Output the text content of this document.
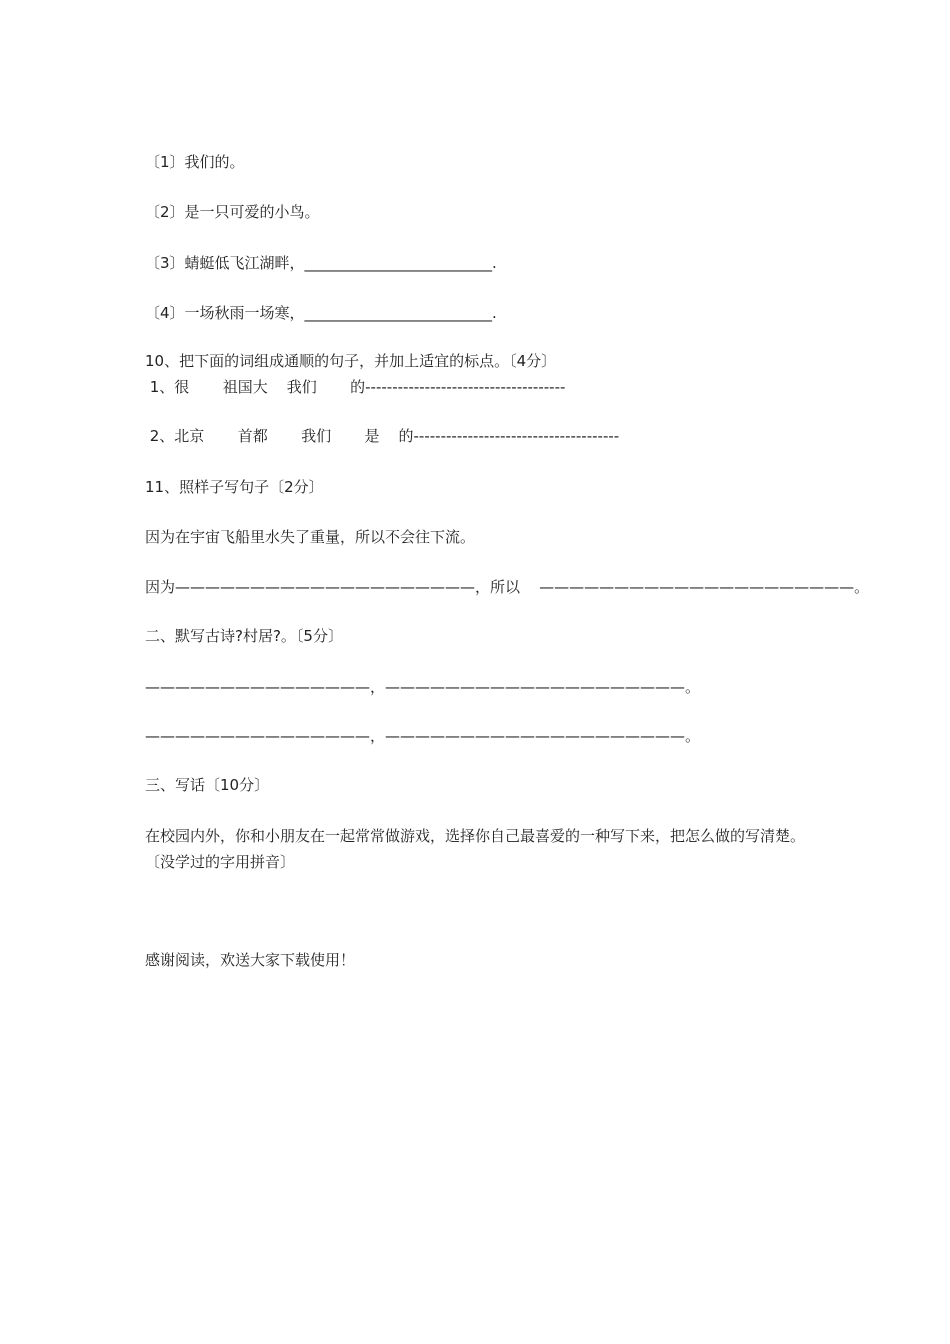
〔1〕我们的。
〔2〕是一只可爱的小鸟。
〔3〕蜻蜓低飞江湖畔，_________________________.
〔4〕一场秋雨一场寒，_________________________.
10、把下面的词组成通顺的句子，并加上适宜的标点。〔4分〕
1、很       祖国大    我们       的-------------------------------------
2、北京       首都       我们       是    的--------------------------------------
11、照样子写句子〔2分〕
因为在宇宙飞船里水失了重量，所以不会往下流。
因为————————————————————，所以    —————————————————————。
二、默写古诗?村居?。〔5分〕
———————————————，————————————————————。
———————————————，————————————————————。
三、写话〔10分〕
在校园内外，你和小朋友在一起常常做游戏，选择你自己最喜爱的一种写下来，把怎么做的写清楚。〔没学过的字用拼音〕
感谢阅读，欢送大家下载使用！
